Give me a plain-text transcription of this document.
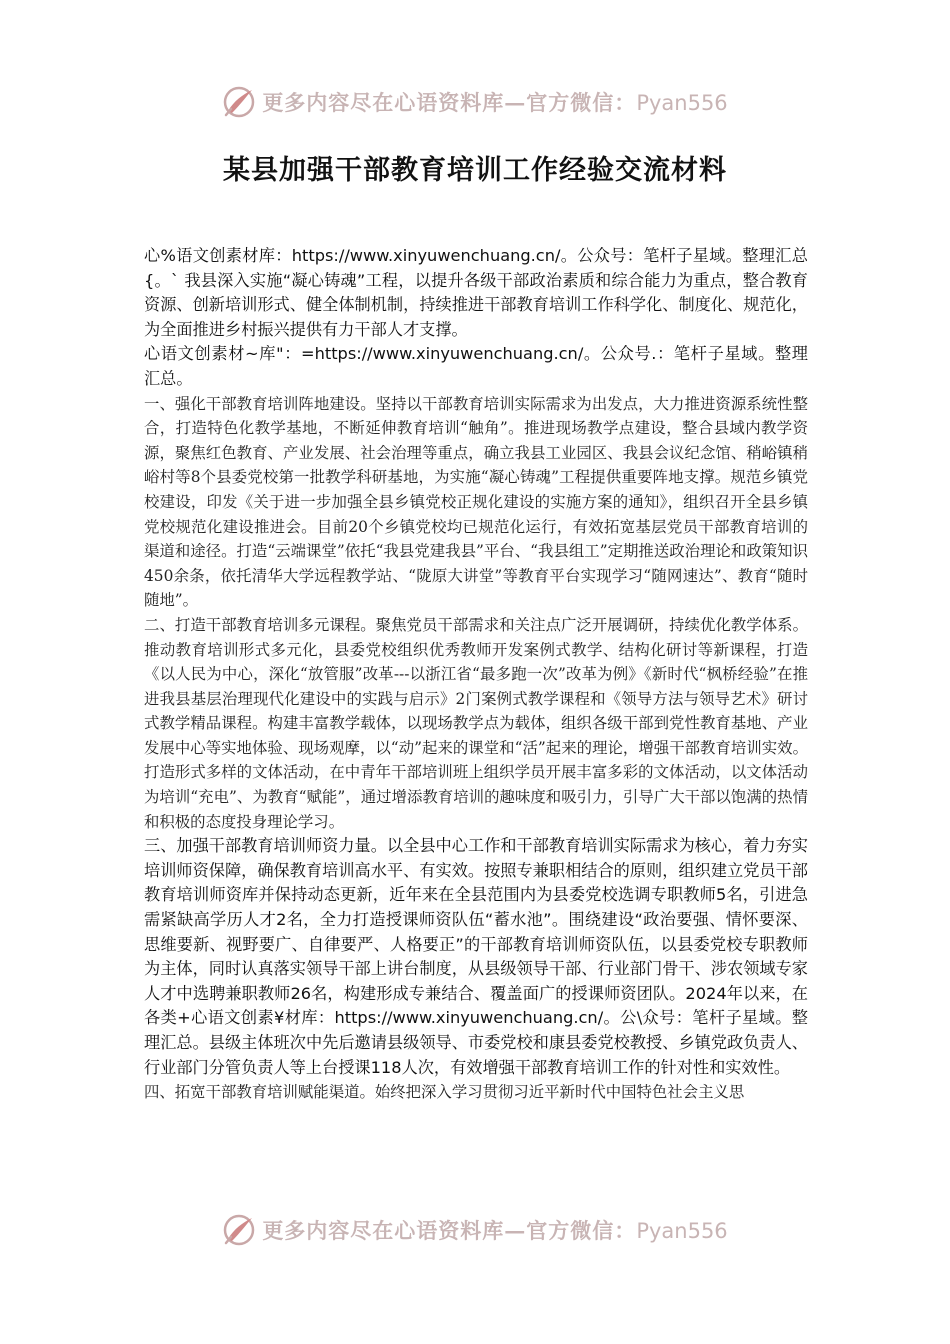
更多内容尽在心语资料库—官方微信：Pyan556
某县加强干部教育培训工作经验交流材料

心%语文创素材库：https://www.xinyuwenchuang.cn/。公众号：笔杆子星域。整理汇总{。` 我县深入实施“凝心铸魂”工程，以提升各级干部政治素质和综合能力为重点，整合教育资源、创新培训形式、健全体制机制，持续推进干部教育培训工作科学化、制度化、规范化，为全面推进乡村振兴提供有力干部人才支撑。

心语文创素材~库"：=https://www.xinyuwenchuang.cn/。公众号.：笔杆子星域。整理汇总。

一、强化干部教育培训阵地建设。坚持以干部教育培训实际需求为出发点，大力推进资源系统性整合，打造特色化教学基地，不断延伸教育培训“触角”。推进现场教学点建设，整合县域内教学资源，聚焦红色教育、产业发展、社会治理等重点，确立我县工业园区、我县会议纪念馆、稍峪镇稍峪村等8个县委党校第一批教学科研基地，为实施“凝心铸魂”工程提供重要阵地支撑。规范乡镇党校建设，印发《关于进一步加强全县乡镇党校正规化建设的实施方案的通知》，组织召开全县乡镇党校规范化建设推进会。目前20个乡镇党校均已规范化运行，有效拓宽基层党员干部教育培训的渠道和途径。打造“云端课堂”依托“我县党建我县”平台、“我县组工”定期推送政治理论和政策知识450余条，依托清华大学远程教学站、“陇原大讲堂”等教育平台实现学习“随网速达”、教育“随时随地”。

二、打造干部教育培训多元课程。聚焦党员干部需求和关注点广泛开展调研，持续优化教学体系。推动教育培训形式多元化，县委党校组织优秀教师开发案例式教学、结构化研讨等新课程，打造《以人民为中心，深化“放管服”改革---以浙江省“最多跑一次”改革为例》《新时代“枫桥经验”在推进我县基层治理现代化建设中的实践与启示》2门案例式教学课程和《领导方法与领导艺术》研讨式教学精品课程。构建丰富教学载体，以现场教学点为载体，组织各级干部到党性教育基地、产业发展中心等实地体验、现场观摩，以“动”起来的课堂和“活”起来的理论，增强干部教育培训实效。打造形式多样的文体活动，在中青年干部培训班上组织学员开展丰富多彩的文体活动，以文体活动为培训“充电”、为教育“赋能”，通过增添教育培训的趣味度和吸引力，引导广大干部以饱满的热情和积极的态度投身理论学习。

三、加强干部教育培训师资力量。以全县中心工作和干部教育培训实际需求为核心，着力夯实培训师资保障，确保教育培训高水平、有实效。按照专兼职相结合的原则，组织建立党员干部教育培训师资库并保持动态更新，近年来在全县范围内为县委党校选调专职教师5名，引进急需紧缺高学历人才2名，全力打造授课师资队伍“蓄水池”。围绕建设“政治要强、情怀要深、思维要新、视野要广、自律要严、人格要正”的干部教育培训师资队伍，以县委党校专职教师为主体，同时认真落实领导干部上讲台制度，从县级领导干部、行业部门骨干、涉农领域专家人才中选聘兼职教师26名，构建形成专兼结合、覆盖面广的授课师资团队。2024年以来，在各类+心语文创素¥材库：https://www.xinyuwenchuang.cn/。公\众号：笔杆子星域。整理汇总。县级主体班次中先后邀请县级领导、市委党校和康县委党校教授、乡镇党政负责人、行业部门分管负责人等上台授课118人次，有效增强干部教育培训工作的针对性和实效性。

四、拓宽干部教育培训赋能渠道。始终把深入学习贯彻习近平新时代中国特色社会主义思

更多内容尽在心语资料库—官方微信：Pyan556
